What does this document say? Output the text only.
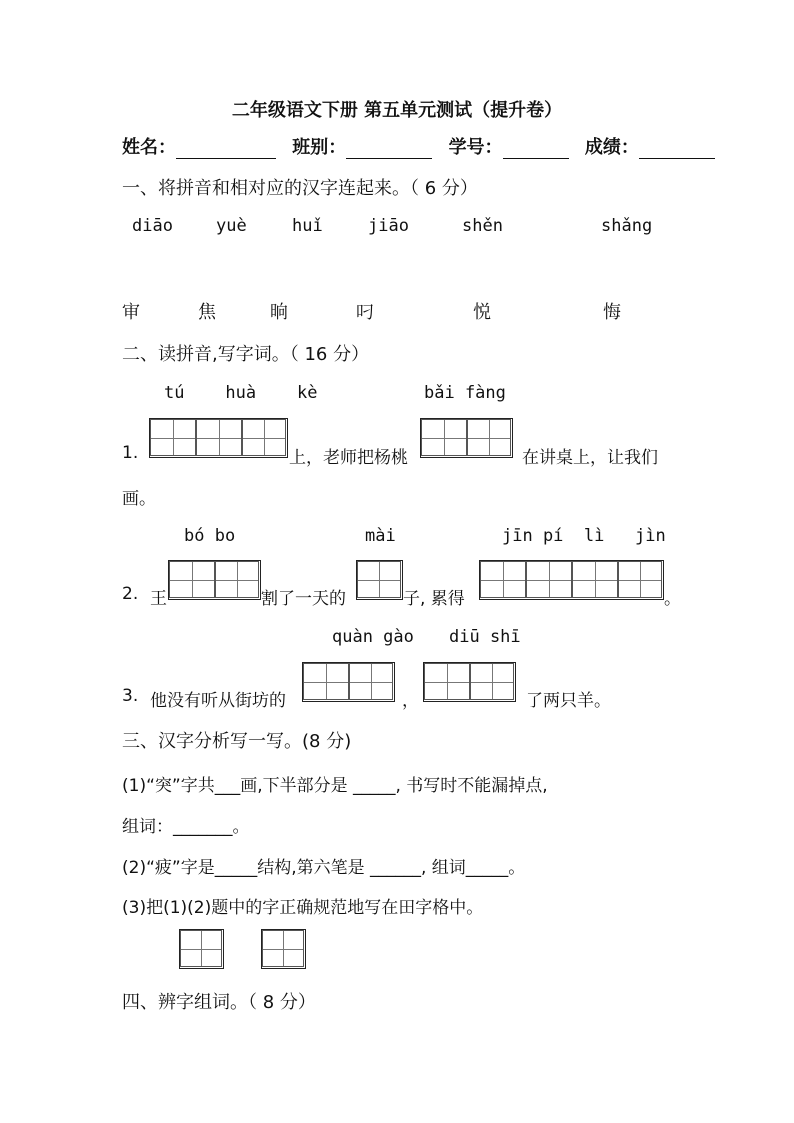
二年级语文下册 第五单元测试（提升卷）
姓名：	班别：	学号：	成绩：
一、将拼音和相对应的汉字连起来。（ 6 分）
diāo	yuè	huǐ	jiāo	shěn	shǎng
审	焦	晌	叼	悦	悔
二、读拼音,写字词。（ 16 分）
tú    huà    kè	bǎi fàng
1.	上，老师把杨桃	在讲桌上，让我们
画。
bó bo	mài	jīn pí  lì   jìn
2. 王	割了一天的	子, 累得	。
quàn gào diū shī
3. 他没有听从街坊的	，	了两只羊。
三、汉字分析写一写。(8 分)
(1)“突”字共___画,下半部分是 _____, 书写时不能漏掉点,
组词：_______。
(2)“疲”字是_____结构,第六笔是 ______, 组词_____。
(3)把(1)(2)题中的字正确规范地写在田字格中。
四、辨字组词。（ 8 分）
